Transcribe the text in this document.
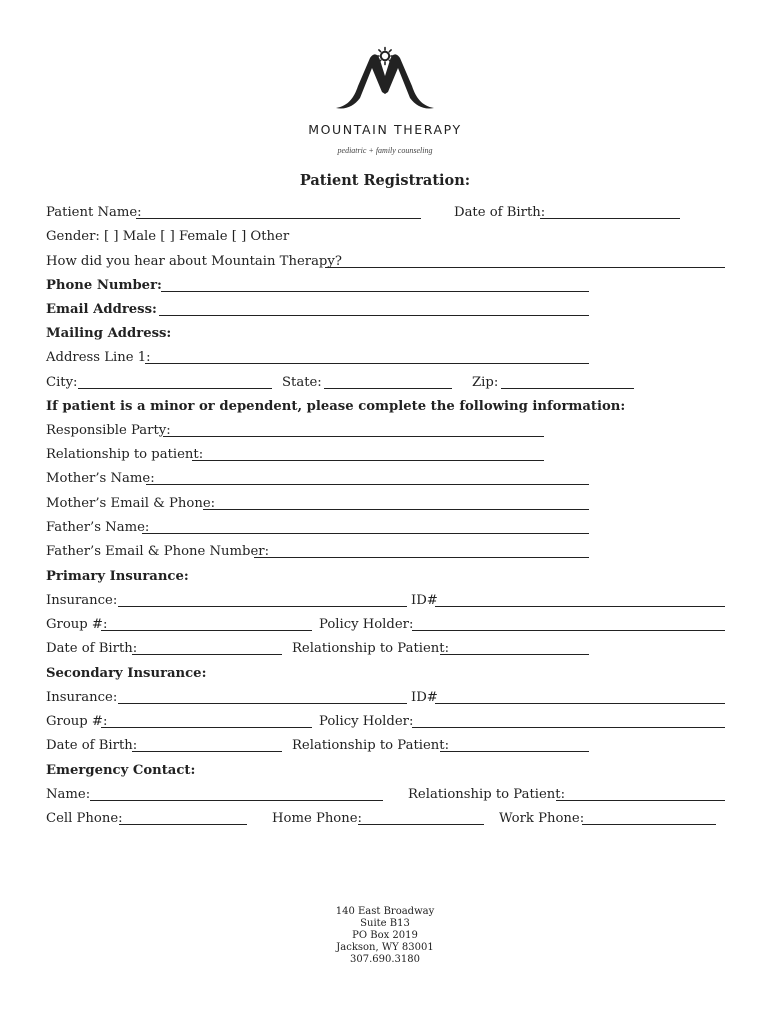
MOUNTAIN THERAPY
pediatric + family counseling
Patient Registration:
Patient Name:	Date of Birth:
Gender: [ ] Male [ ] Female [ ] Other
How did you hear about Mountain Therapy?
Phone Number:
Email Address:
Mailing Address:
Address Line 1:
City:	State:	Zip:
If patient is a minor or dependent, please complete the following information:
Responsible Party:
Relationship to patient:
Mother’s Name:
Mother’s Email & Phone:
Father’s Name:
Father’s Email & Phone Number:
Primary Insurance:
Insurance:	ID#
Group #:	Policy Holder:
Date of Birth:	Relationship to Patient:
Secondary Insurance:
Insurance:	ID#
Group #:	Policy Holder:
Date of Birth:	Relationship to Patient:
Emergency Contact:
Name:	Relationship to Patient:
Cell Phone:	Home Phone:	Work Phone:
140 East Broadway
Suite B13
PO Box 2019
Jackson, WY 83001
307.690.3180
